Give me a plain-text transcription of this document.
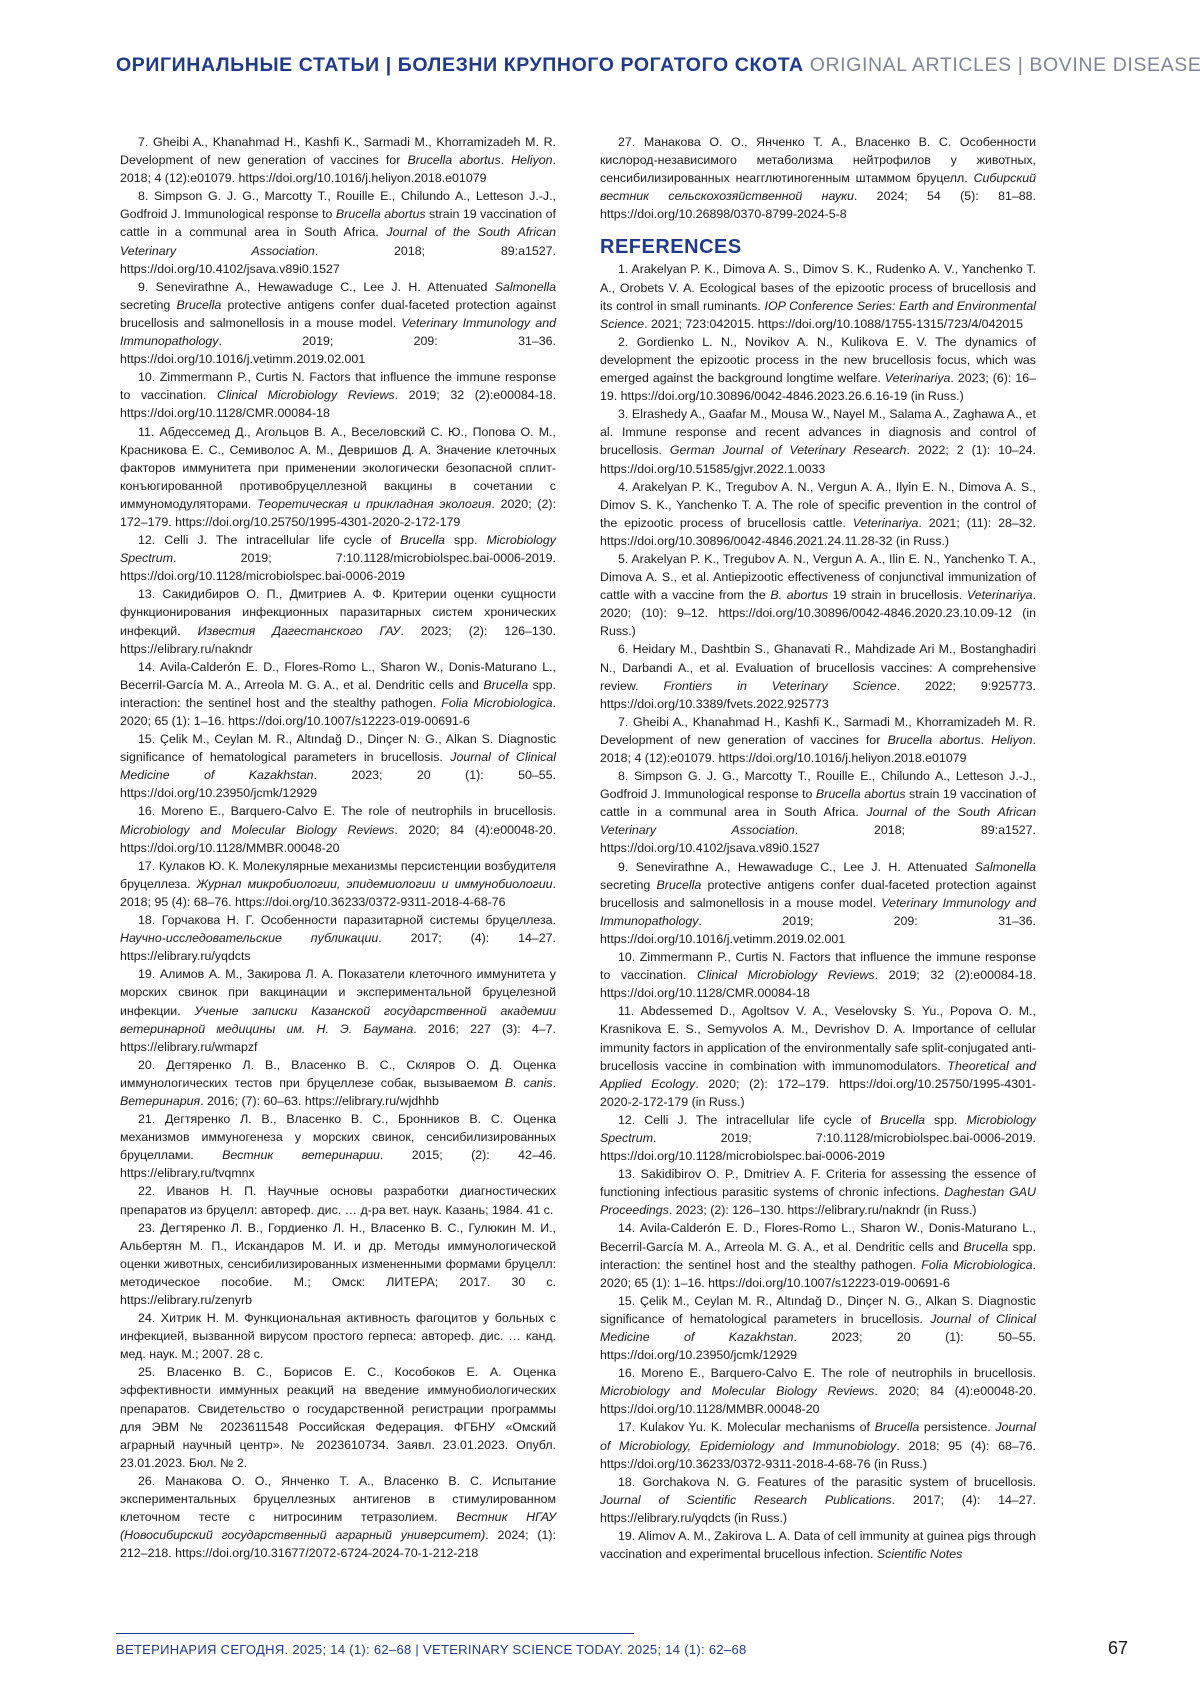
ОРИГИНАЛЬНЫЕ СТАТЬИ | БОЛЕЗНИ КРУПНОГО РОГАТОГО СКОТА ORIGINAL ARTICLES | BOVINE DISEASES

7. Gheibi A., Khanahmad H., Kashfi K., Sarmadi M., Khorramizadeh M. R. Development of new generation of vaccines for Brucella abortus. Heliyon. 2018; 4 (12):e01079. https://doi.org/10.1016/j.heliyon.2018.e01079

8. Simpson G. J. G., Marcotty T., Rouille E., Chilundo A., Letteson J.-J., Godfroid J. Immunological response to Brucella abortus strain 19 vaccination of cattle in a communal area in South Africa. Journal of the South African Veterinary Association. 2018; 89:a1527. https://doi.org/10.4102/jsava.v89i0.1527

9. Senevirathne A., Hewawaduge C., Lee J. H. Attenuated Salmonella secreting Brucella protective antigens confer dual-faceted protection against brucellosis and salmonellosis in a mouse model. Veterinary Immunology and Immunopathology. 2019; 209: 31–36. https://doi.org/10.1016/j.vetimm.2019.02.001

10. Zimmermann P., Curtis N. Factors that influence the immune response to vaccination. Clinical Microbiology Reviews. 2019; 32 (2):e00084-18. https://doi.org/10.1128/CMR.00084-18

11. Абдессемед Д., Агольцов В. А., Веселовский С. Ю., Попова О. М., Красникова Е. С., Семиволос А. М., Девришов Д. А. Значение клеточных факторов иммунитета при применении экологически безопасной сплит-конъюгированной противобруцеллезной вакцины в сочетании с иммуномодуляторами. Теоретическая и прикладная экология. 2020; (2): 172–179. https://doi.org/10.25750/1995-4301-2020-2-172-179

12. Celli J. The intracellular life cycle of Brucella spp. Microbiology Spectrum. 2019; 7:10.1128/microbiolspec.bai-0006-2019. https://doi.org/10.1128/microbiolspec.bai-0006-2019

13. Сакидибиров О. П., Дмитриев А. Ф. Критерии оценки сущности функционирования инфекционных паразитарных систем хронических инфекций. Известия Дагестанского ГАУ. 2023; (2): 126–130. https://elibrary.ru/nakndr

14. Avila-Calderón E. D., Flores-Romo L., Sharon W., Donis-Maturano L., Becerril-García M. A., Arreola M. G. A., et al. Dendritic cells and Brucella spp. interaction: the sentinel host and the stealthy pathogen. Folia Microbiologica. 2020; 65 (1): 1–16. https://doi.org/10.1007/s12223-019-00691-6

15. Çelik M., Ceylan M. R., Altındağ D., Dinçer N. G., Alkan S. Diagnostic significance of hematological parameters in brucellosis. Journal of Clinical Medicine of Kazakhstan. 2023; 20 (1): 50–55. https://doi.org/10.23950/jcmk/12929

16. Moreno E., Barquero-Calvo E. The role of neutrophils in brucellosis. Microbiology and Molecular Biology Reviews. 2020; 84 (4):e00048-20. https://doi.org/10.1128/MMBR.00048-20

17. Кулаков Ю. К. Молекулярные механизмы персистенции возбудителя бруцеллеза. Журнал микробиологии, эпидемиологии и иммунобиологии. 2018; 95 (4): 68–76. https://doi.org/10.36233/0372-9311-2018-4-68-76

18. Горчакова Н. Г. Особенности паразитарной системы бруцеллеза. Научно-исследовательские публикации. 2017; (4): 14–27. https://elibrary.ru/yqdcts

19. Алимов А. М., Закирова Л. А. Показатели клеточного иммунитета у морских свинок при вакцинации и экспериментальной бруцелезной инфекции. Ученые записки Казанской государственной академии ветеринарной медицины им. Н. Э. Баумана. 2016; 227 (3): 4–7. https://elibrary.ru/wmapzf

20. Дегтяренко Л. В., Власенко В. С., Скляров О. Д. Оценка иммунологических тестов при бруцеллезе собак, вызываемом B. canis. Ветеринария. 2016; (7): 60–63. https://elibrary.ru/wjdhhb

21. Дегтяренко Л. В., Власенко В. С., Бронников В. С. Оценка механизмов иммуногенеза у морских свинок, сенсибилизированных бруцеллами. Вестник ветеринарии. 2015; (2): 42–46. https://elibrary.ru/tvqmnx

22. Иванов Н. П. Научные основы разработки диагностических препаратов из бруцелл: автореф. дис. … д-ра вет. наук. Казань; 1984. 41 с.

23. Дегтяренко Л. В., Гордиенко Л. Н., Власенко В. С., Гулюкин М. И., Альбертян М. П., Искандаров М. И. и др. Методы иммунологической оценки животных, сенсибилизированных измененными формами бруцелл: методическое пособие. М.; Омск: ЛИТЕРА; 2017. 30 с. https://elibrary.ru/zenyrb

24. Хитрик Н. М. Функциональная активность фагоцитов у больных с инфекцией, вызванной вирусом простого герпеса: автореф. дис. … канд. мед. наук. М.; 2007. 28 с.

25. Власенко В. С., Борисов Е. С., Кособоков Е. А. Оценка эффективности иммунных реакций на введение иммунобиологических препаратов. Свидетельство о государственной регистрации программы для ЭВМ № 2023611548 Российская Федерация. ФГБНУ «Омский аграрный научный центр». № 2023610734. Заявл. 23.01.2023. Опубл. 23.01.2023. Бюл. № 2.

26. Манакова О. О., Янченко Т. А., Власенко В. С. Испытание экспериментальных бруцеллезных антигенов в стимулированном клеточном тесте с нитросиним тетразолием. Вестник НГАУ (Новосибирский государственный аграрный университет). 2024; (1): 212–218. https://doi.org/10.31677/2072-6724-2024-70-1-212-218

27. Манакова О. О., Янченко Т. А., Власенко В. С. Особенности кислород-независимого метаболизма нейтрофилов у животных, сенсибилизированных неагглютиногенным штаммом бруцелл. Сибирский вестник сельскохозяйственной науки. 2024; 54 (5): 81–88. https://doi.org/10.26898/0370-8799-2024-5-8

REFERENCES

1. Arakelyan P. K., Dimova A. S., Dimov S. K., Rudenko A. V., Yanchenko T. A., Orobets V. A. Ecological bases of the epizootic process of brucellosis and its control in small ruminants. IOP Conference Series: Earth and Environmental Science. 2021; 723:042015. https://doi.org/10.1088/1755-1315/723/4/042015

2. Gordienko L. N., Novikov A. N., Kulikova E. V. The dynamics of development the epizootic process in the new brucellosis focus, which was emerged against the background longtime welfare. Veterinariya. 2023; (6): 16–19. https://doi.org/10.30896/0042-4846.2023.26.6.16-19 (in Russ.)

3. Elrashedy A., Gaafar M., Mousa W., Nayel M., Salama A., Zaghawa A., et al. Immune response and recent advances in diagnosis and control of brucellosis. German Journal of Veterinary Research. 2022; 2 (1): 10–24. https://doi.org/10.51585/gjvr.2022.1.0033

4. Arakelyan P. K., Tregubov A. N., Vergun A. A., Ilyin E. N., Dimova A. S., Dimov S. K., Yanchenko T. A. The role of specific prevention in the control of the epizootic process of brucellosis cattle. Veterinariya. 2021; (11): 28–32. https://doi.org/10.30896/0042-4846.2021.24.11.28-32 (in Russ.)

5. Arakelyan P. K., Tregubov A. N., Vergun A. A., Ilin E. N., Yanchenko T. A., Dimova A. S., et al. Antiepizootic effectiveness of conjunctival immunization of cattle with a vaccine from the B. abortus 19 strain in brucellosis. Veterinariya. 2020; (10): 9–12. https://doi.org/10.30896/0042-4846.2020.23.10.09-12 (in Russ.)

6. Heidary M., Dashtbin S., Ghanavati R., Mahdizade Ari M., Bostanghadiri N., Darbandi A., et al. Evaluation of brucellosis vaccines: A comprehensive review. Frontiers in Veterinary Science. 2022; 9:925773. https://doi.org/10.3389/fvets.2022.925773

7. Gheibi A., Khanahmad H., Kashfi K., Sarmadi M., Khorramizadeh M. R. Development of new generation of vaccines for Brucella abortus. Heliyon. 2018; 4 (12):e01079. https://doi.org/10.1016/j.heliyon.2018.e01079

8. Simpson G. J. G., Marcotty T., Rouille E., Chilundo A., Letteson J.-J., Godfroid J. Immunological response to Brucella abortus strain 19 vaccination of cattle in a communal area in South Africa. Journal of the South African Veterinary Association. 2018; 89:a1527. https://doi.org/10.4102/jsava.v89i0.1527

9. Senevirathne A., Hewawaduge C., Lee J. H. Attenuated Salmonella secreting Brucella protective antigens confer dual-faceted protection against brucellosis and salmonellosis in a mouse model. Veterinary Immunology and Immunopathology. 2019; 209: 31–36. https://doi.org/10.1016/j.vetimm.2019.02.001

10. Zimmermann P., Curtis N. Factors that influence the immune response to vaccination. Clinical Microbiology Reviews. 2019; 32 (2):e00084-18. https://doi.org/10.1128/CMR.00084-18

11. Abdessemed D., Agoltsov V. A., Veselovsky S. Yu., Popova O. M., Krasnikova E. S., Semyvolos A. M., Devrishov D. A. Importance of cellular immunity factors in application of the environmentally safe split-conjugated anti-brucellosis vaccine in combination with immunomodulators. Theoretical and Applied Ecology. 2020; (2): 172–179. https://doi.org/10.25750/1995-4301-2020-2-172-179 (in Russ.)

12. Celli J. The intracellular life cycle of Brucella spp. Microbiology Spectrum. 2019; 7:10.1128/microbiolspec.bai-0006-2019. https://doi.org/10.1128/microbiolspec.bai-0006-2019

13. Sakidibirov O. P., Dmitriev A. F. Criteria for assessing the essence of functioning infectious parasitic systems of chronic infections. Daghestan GAU Proceedings. 2023; (2): 126–130. https://elibrary.ru/nakndr (in Russ.)

14. Avila-Calderón E. D., Flores-Romo L., Sharon W., Donis-Maturano L., Becerril-García M. A., Arreola M. G. A., et al. Dendritic cells and Brucella spp. interaction: the sentinel host and the stealthy pathogen. Folia Microbiologica. 2020; 65 (1): 1–16. https://doi.org/10.1007/s12223-019-00691-6

15. Çelik M., Ceylan M. R., Altındağ D., Dinçer N. G., Alkan S. Diagnostic significance of hematological parameters in brucellosis. Journal of Clinical Medicine of Kazakhstan. 2023; 20 (1): 50–55. https://doi.org/10.23950/jcmk/12929

16. Moreno E., Barquero-Calvo E. The role of neutrophils in brucellosis. Microbiology and Molecular Biology Reviews. 2020; 84 (4):e00048-20. https://doi.org/10.1128/MMBR.00048-20

17. Kulakov Yu. K. Molecular mechanisms of Brucella persistence. Journal of Microbiology, Epidemiology and Immunobiology. 2018; 95 (4): 68–76. https://doi.org/10.36233/0372-9311-2018-4-68-76 (in Russ.)

18. Gorchakova N. G. Features of the parasitic system of brucellosis. Journal of Scientific Research Publications. 2017; (4): 14–27. https://elibrary.ru/yqdcts (in Russ.)

19. Alimov A. M., Zakirova L. A. Data of cell immunity at guinea pigs through vaccination and experimental brucellous infection. Scientific Notes

ВЕТЕРИНАРИЯ СЕГОДНЯ. 2025; 14 (1): 62–68 | VETERINARY SCIENCE TODAY. 2025; 14 (1): 62–68	67
